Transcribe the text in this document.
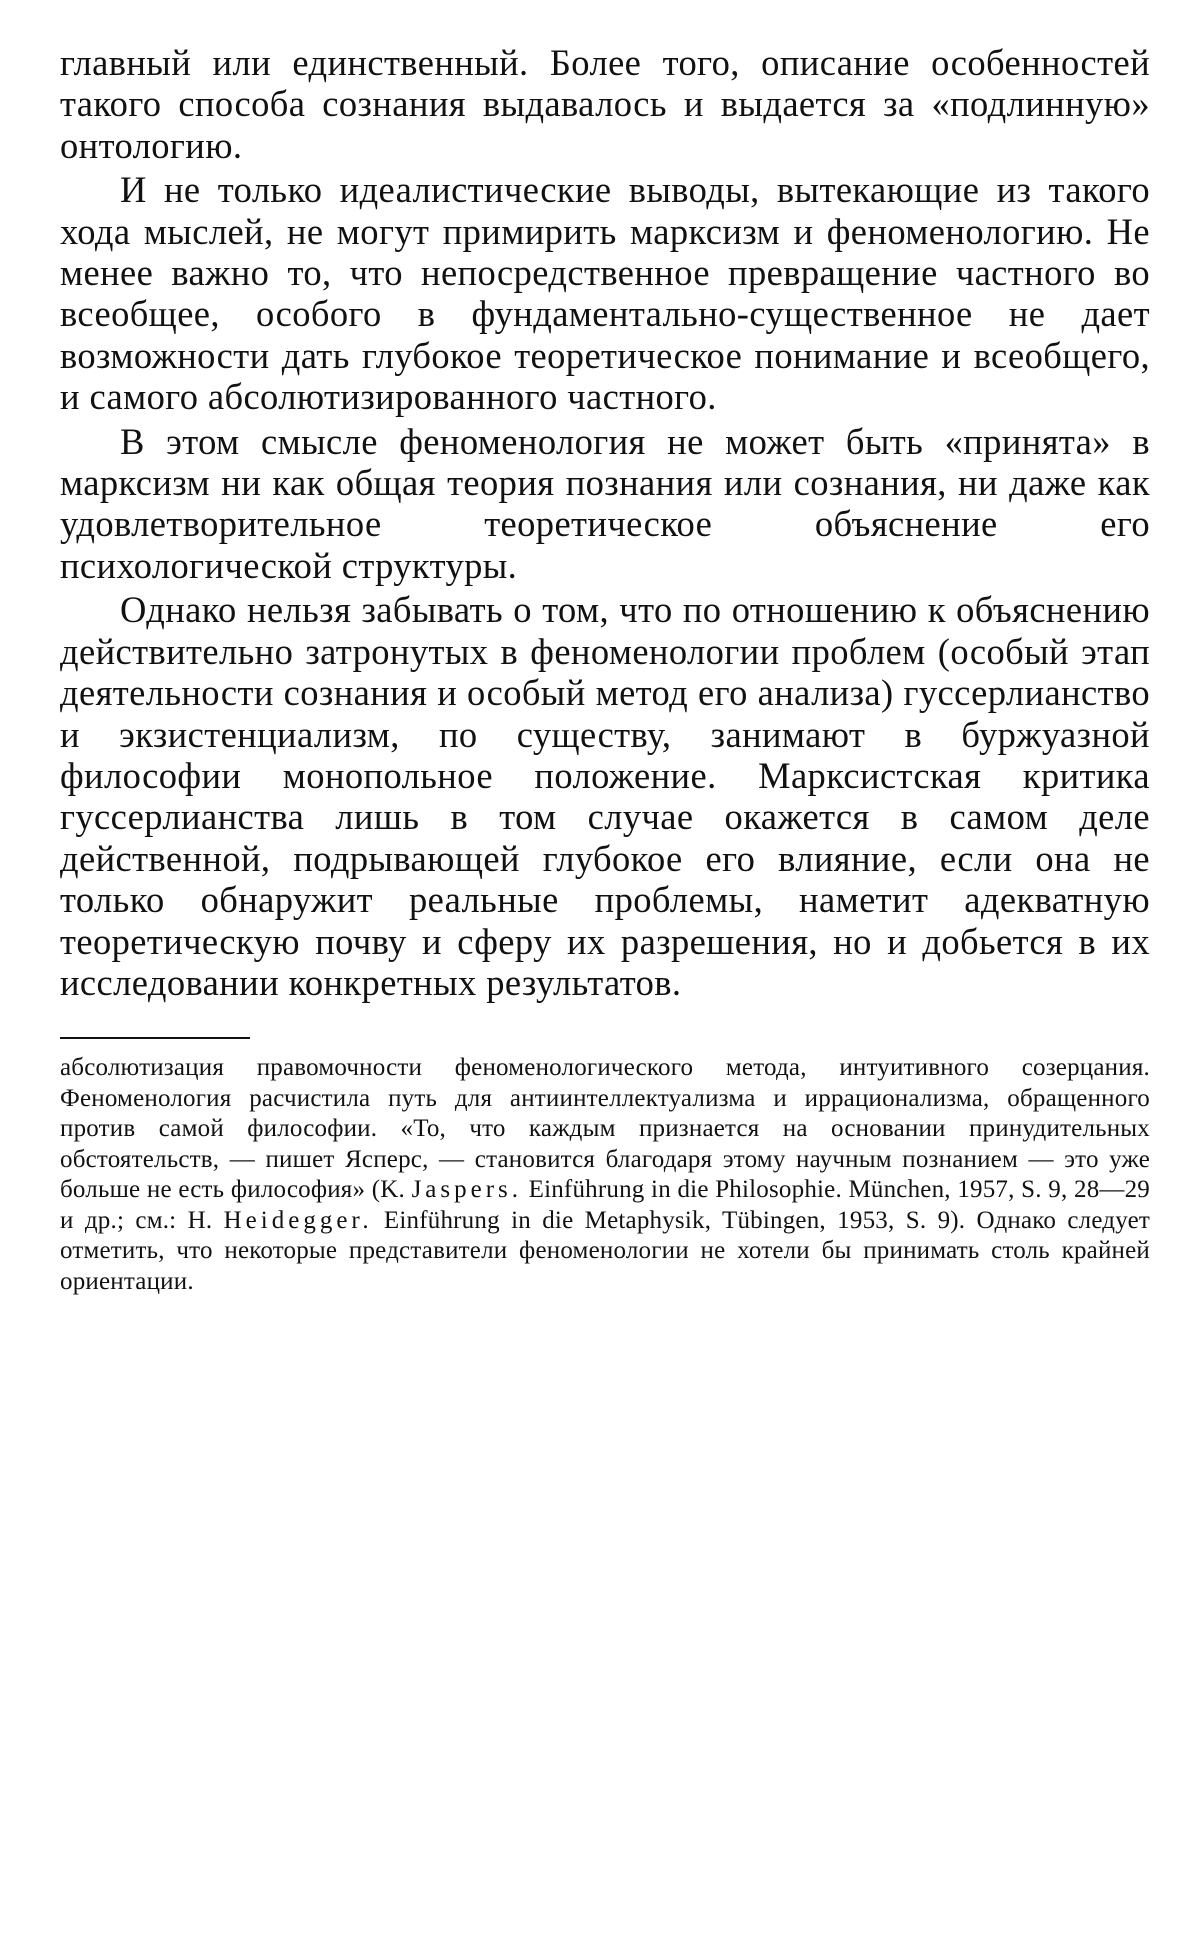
главный или единственный. Более того, описание особенностей такого способа сознания выдавалось и выдается за «подлинную» онтологию.

И не только идеалистические выводы, вытекающие из такого хода мыслей, не могут примирить марксизм и феноменологию. Не менее важно то, что непосредственное превращение частного во всеобщее, особого в фундаментально-существенное не дает возможности дать глубокое теоретическое понимание и всеобщего, и самого абсолютизированного частного.

В этом смысле феноменология не может быть «принята» в марксизм ни как общая теория познания или сознания, ни даже как удовлетворительное теоретическое объяснение его психологической структуры.

Однако нельзя забывать о том, что по отношению к объяснению действительно затронутых в феноменологии проблем (особый этап деятельности сознания и особый метод его анализа) гуссерлианство и экзистенциализм, по существу, занимают в буржуазной философии монопольное положение. Марксистская критика гуссерлианства лишь в том случае окажется в самом деле действенной, подрывающей глубокое его влияние, если она не только обнаружит реальные проблемы, наметит адекватную теоретическую почву и сферу их разрешения, но и добьется в их исследовании конкретных результатов.

абсолютизация правомочности феноменологического метода, интуитивного созерцания. Феноменология расчистила путь для антиинтеллектуализма и иррационализма, обращенного против самой философии. «То, что каждым признается на основании принудительных обстоятельств, — пишет Ясперс, — становится благодаря этому научным познанием — это уже больше не есть философия» (K. Jaspers. Einführung in die Philosophie. München, 1957, S. 9, 28—29 и др.; см.: H. Heidegger. Einführung in die Metaphysik, Tübingen, 1953, S. 9). Однако следует отметить, что некоторые представители феноменологии не хотели бы принимать столь крайней ориентации.
